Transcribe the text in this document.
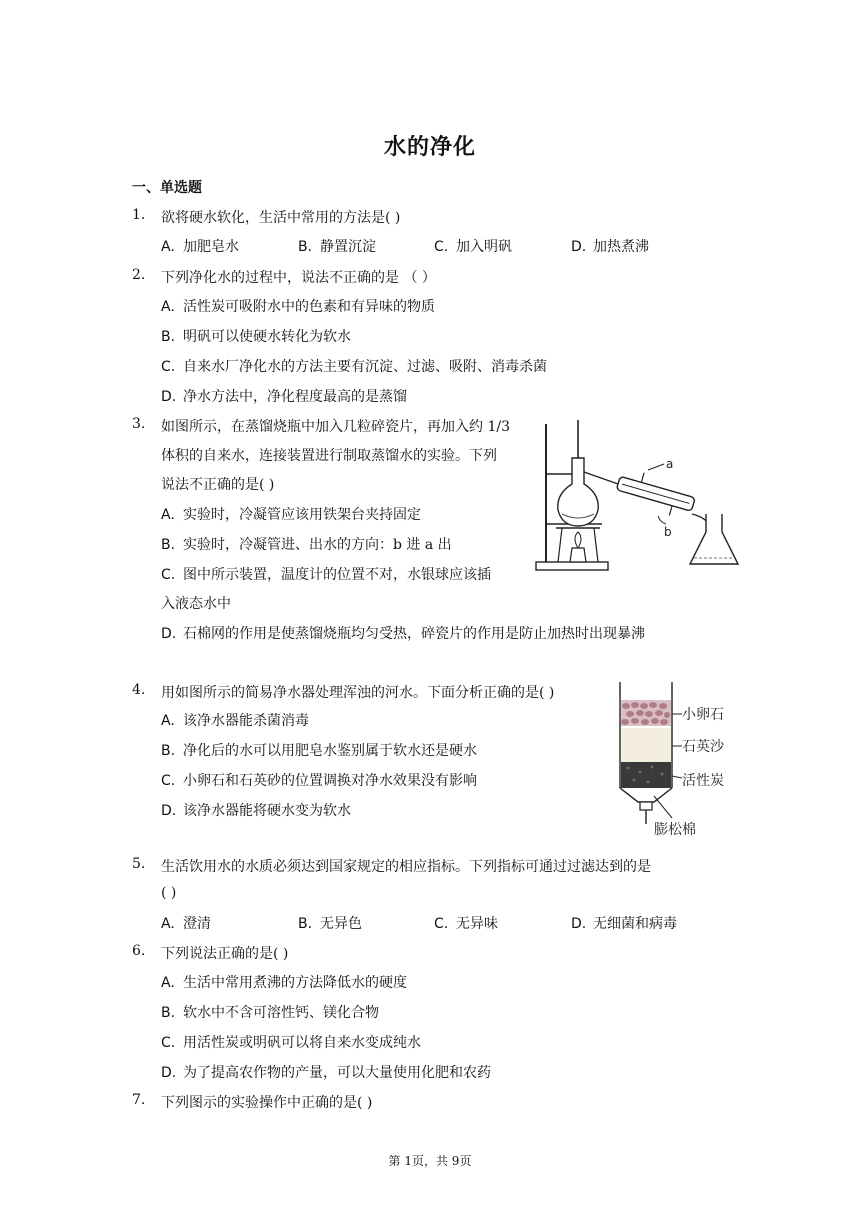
水的净化
一、单选题
1. 欲将硬水软化，生活中常用的方法是( )
A. 加肥皂水	B. 静置沉淀	C. 加入明矾	D. 加热煮沸
2. 下列净化水的过程中，说法不正确的是 （ ）
A. 活性炭可吸附水中的色素和有异味的物质
B. 明矾可以使硬水转化为软水
C. 自来水厂净化水的方法主要有沉淀、过滤、吸附、消毒杀菌
D. 净水方法中，净化程度最高的是蒸馏
3. 如图所示，在蒸馏烧瓶中加入几粒碎瓷片，再加入约 1/3
体积的自来水，连接装置进行制取蒸馏水的实验。下列
说法不正确的是( )
A. 实验时，冷凝管应该用铁架台夹持固定
B. 实验时，冷凝管进、出水的方向：b 进 a 出
C. 图中所示装置，温度计的位置不对，水银球应该插
入液态水中
D. 石棉网的作用是使蒸馏烧瓶均匀受热，碎瓷片的作用是防止加热时出现暴沸
a
b
4. 用如图所示的简易净水器处理浑浊的河水。下面分析正确的是( )
A. 该净水器能杀菌消毒
B. 净化后的水可以用肥皂水鉴别属于软水还是硬水
C. 小卵石和石英砂的位置调换对净水效果没有影响
D. 该净水器能将硬水变为软水
小卵石
石英沙
活性炭
膨松棉
5. 生活饮用水的水质必须达到国家规定的相应指标。下列指标可通过过滤达到的是
( )
A. 澄清	B. 无异色	C. 无异味	D. 无细菌和病毒
6. 下列说法正确的是( )
A. 生活中常用煮沸的方法降低水的硬度
B. 软水中不含可溶性钙、镁化合物
C. 用活性炭或明矾可以将自来水变成纯水
D. 为了提高农作物的产量，可以大量使用化肥和农药
7. 下列图示的实验操作中正确的是( )
第 1页，共 9页
